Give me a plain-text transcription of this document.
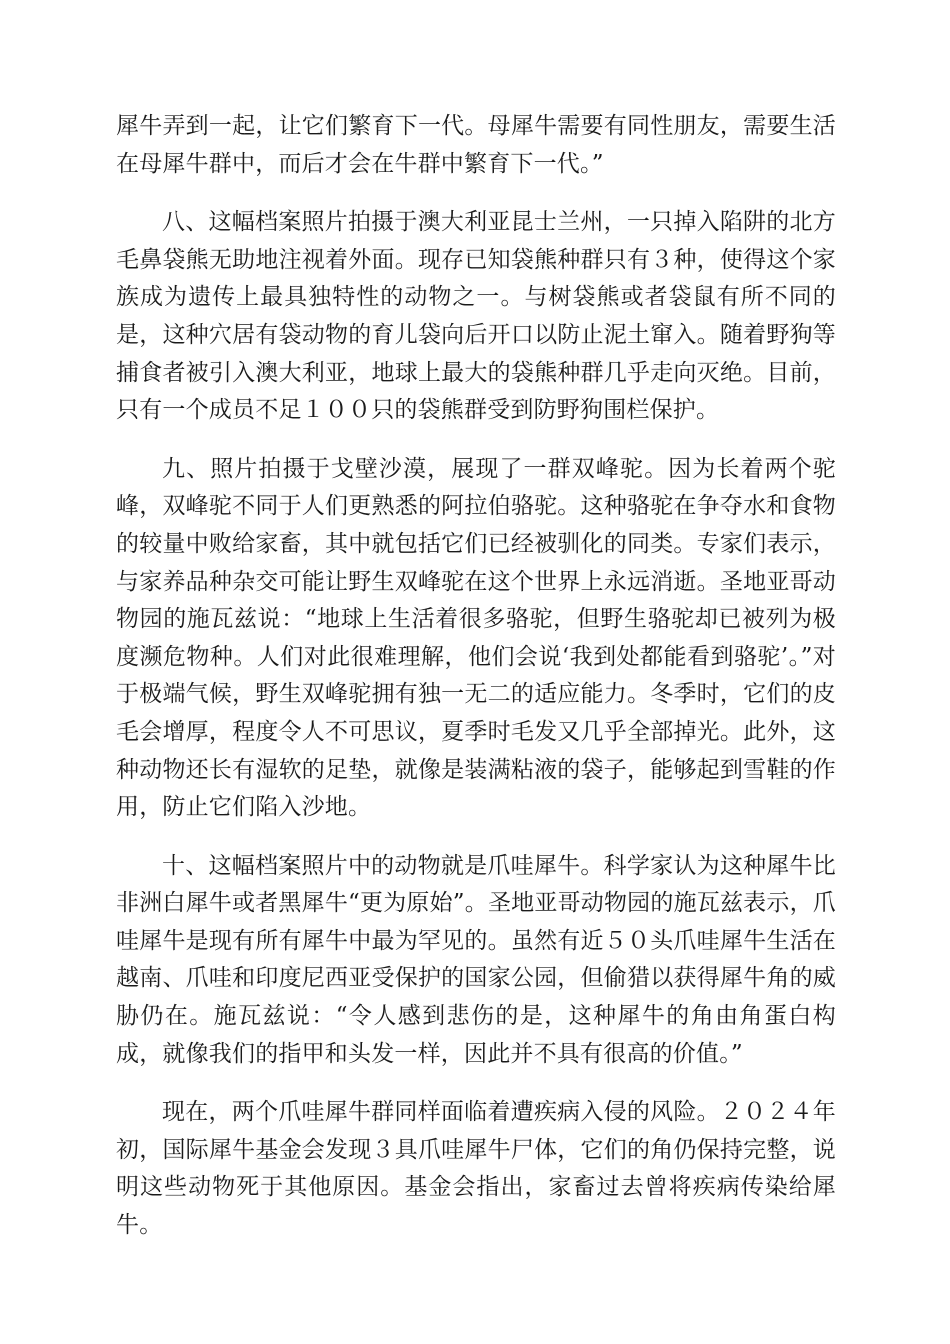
犀牛弄到一起，让它们繁育下一代。母犀牛需要有同性朋友，需要生活在母犀牛群中，而后才会在牛群中繁育下一代。”

八、这幅档案照片拍摄于澳大利亚昆士兰州，一只掉入陷阱的北方毛鼻袋熊无助地注视着外面。现存已知袋熊种群只有３种，使得这个家族成为遗传上最具独特性的动物之一。与树袋熊或者袋鼠有所不同的是，这种穴居有袋动物的育儿袋向后开口以防止泥土窜入。随着野狗等捕食者被引入澳大利亚，地球上最大的袋熊种群几乎走向灭绝。目前，只有一个成员不足１００只的袋熊群受到防野狗围栏保护。

九、照片拍摄于戈壁沙漠，展现了一群双峰驼。因为长着两个驼峰，双峰驼不同于人们更熟悉的阿拉伯骆驼。这种骆驼在争夺水和食物的较量中败给家畜，其中就包括它们已经被驯化的同类。专家们表示，与家养品种杂交可能让野生双峰驼在这个世界上永远消逝。圣地亚哥动物园的施瓦兹说：“地球上生活着很多骆驼，但野生骆驼却已被列为极度濒危物种。人们对此很难理解，他们会说‘我到处都能看到骆驼’。”对于极端气候，野生双峰驼拥有独一无二的适应能力。冬季时，它们的皮毛会增厚，程度令人不可思议，夏季时毛发又几乎全部掉光。此外，这种动物还长有湿软的足垫，就像是装满粘液的袋子，能够起到雪鞋的作用，防止它们陷入沙地。

十、这幅档案照片中的动物就是爪哇犀牛。科学家认为这种犀牛比非洲白犀牛或者黑犀牛“更为原始”。圣地亚哥动物园的施瓦兹表示，爪哇犀牛是现有所有犀牛中最为罕见的。虽然有近５０头爪哇犀牛生活在越南、爪哇和印度尼西亚受保护的国家公园，但偷猎以获得犀牛角的威胁仍在。施瓦兹说：“令人感到悲伤的是，这种犀牛的角由角蛋白构成，就像我们的指甲和头发一样，因此并不具有很高的价值。”

现在，两个爪哇犀牛群同样面临着遭疾病入侵的风险。２０２４年初，国际犀牛基金会发现３具爪哇犀牛尸体，它们的角仍保持完整，说明这些动物死于其他原因。基金会指出，家畜过去曾将疾病传染给犀牛。
